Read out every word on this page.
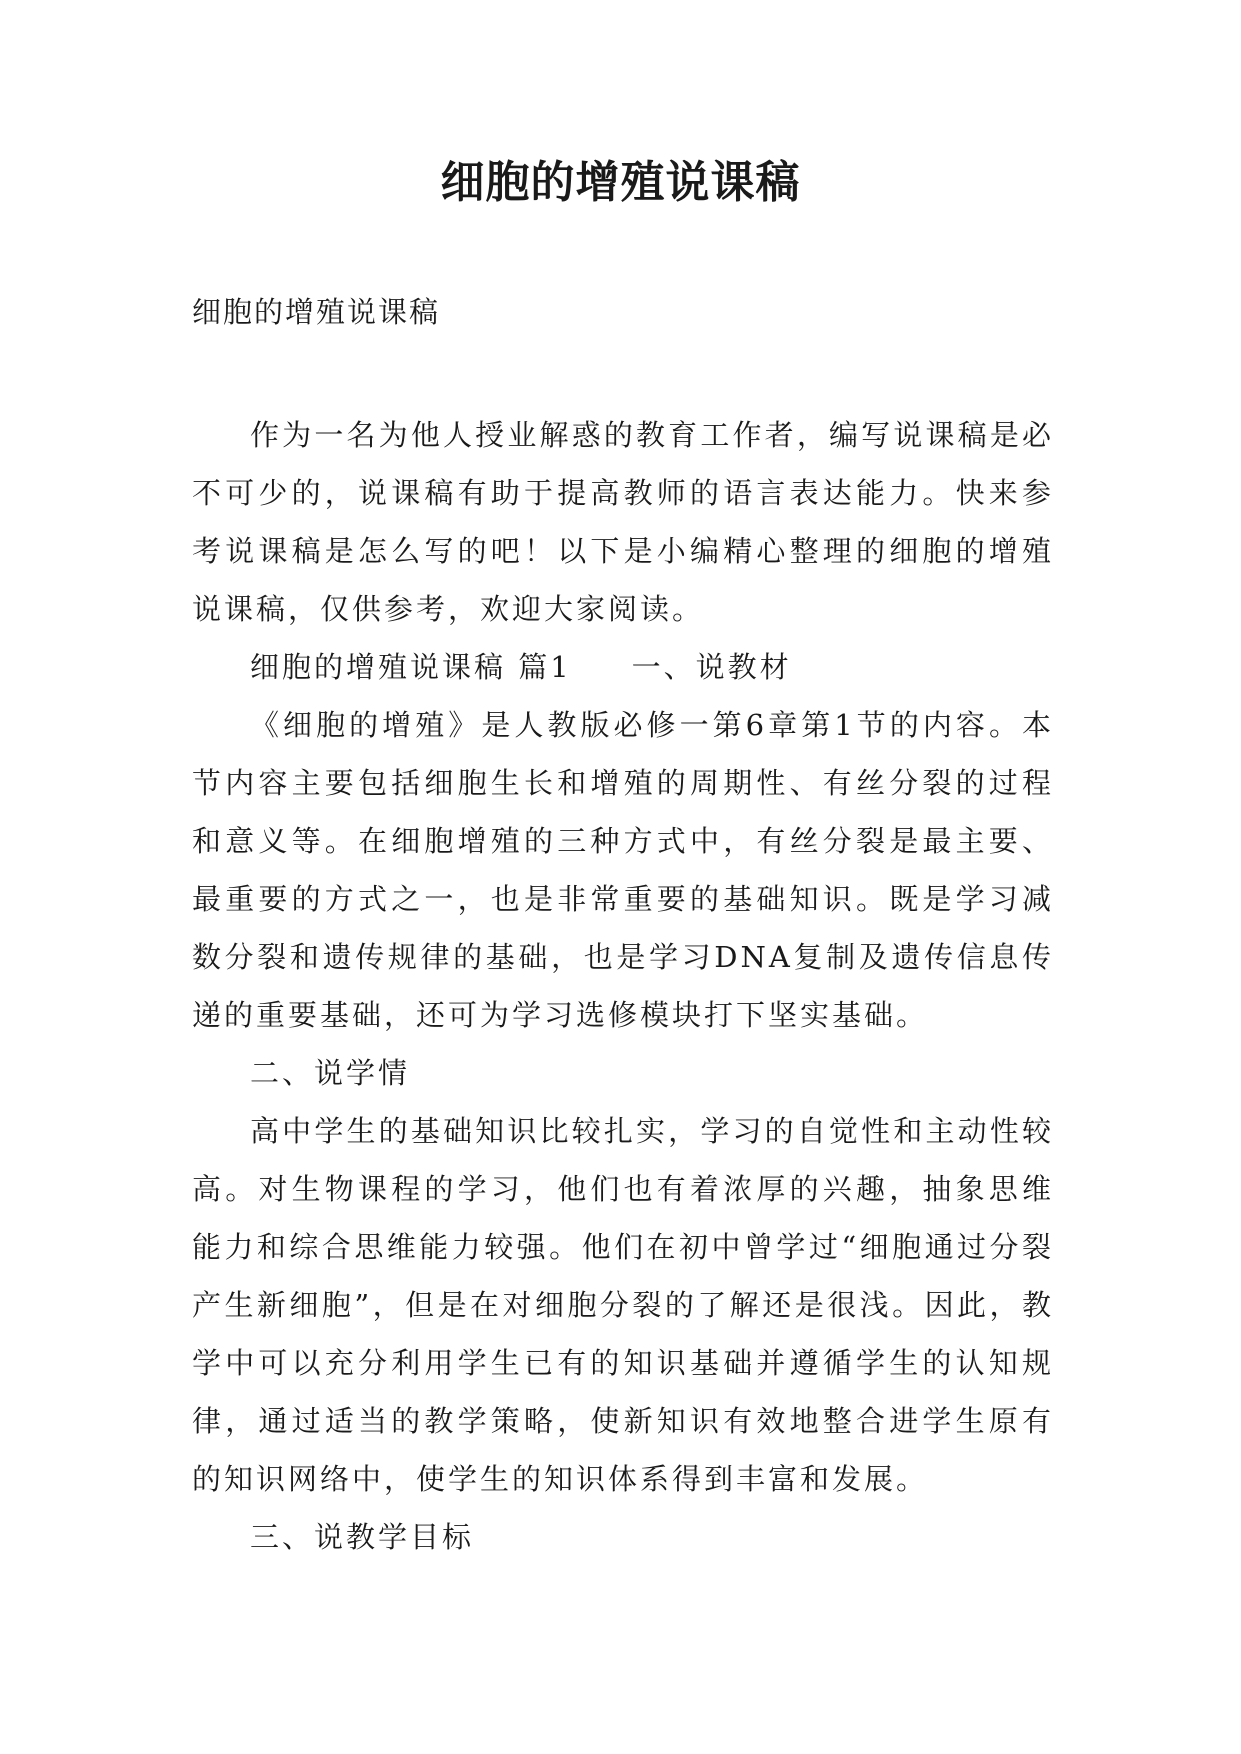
细胞的增殖说课稿
细胞的增殖说课稿

作为一名为他人授业解惑的教育工作者，编写说课稿是必不可少的，说课稿有助于提高教师的语言表达能力。快来参考说课稿是怎么写的吧！以下是小编精心整理的细胞的增殖说课稿，仅供参考，欢迎大家阅读。

细胞的增殖说课稿 篇1 一、说教材

《细胞的增殖》是人教版必修一第6章第1节的内容。本节内容主要包括细胞生长和增殖的周期性、有丝分裂的过程和意义等。在细胞增殖的三种方式中，有丝分裂是最主要、最重要的方式之一，也是非常重要的基础知识。既是学习减数分裂和遗传规律的基础，也是学习DNA复制及遗传信息传递的重要基础，还可为学习选修模块打下坚实基础。

二、说学情

高中学生的基础知识比较扎实，学习的自觉性和主动性较高。对生物课程的学习，他们也有着浓厚的兴趣，抽象思维能力和综合思维能力较强。他们在初中曾学过“细胞通过分裂产生新细胞”，但是在对细胞分裂的了解还是很浅。因此，教学中可以充分利用学生已有的知识基础并遵循学生的认知规律，通过适当的教学策略，使新知识有效地整合进学生原有的知识网络中，使学生的知识体系得到丰富和发展。

三、说教学目标
